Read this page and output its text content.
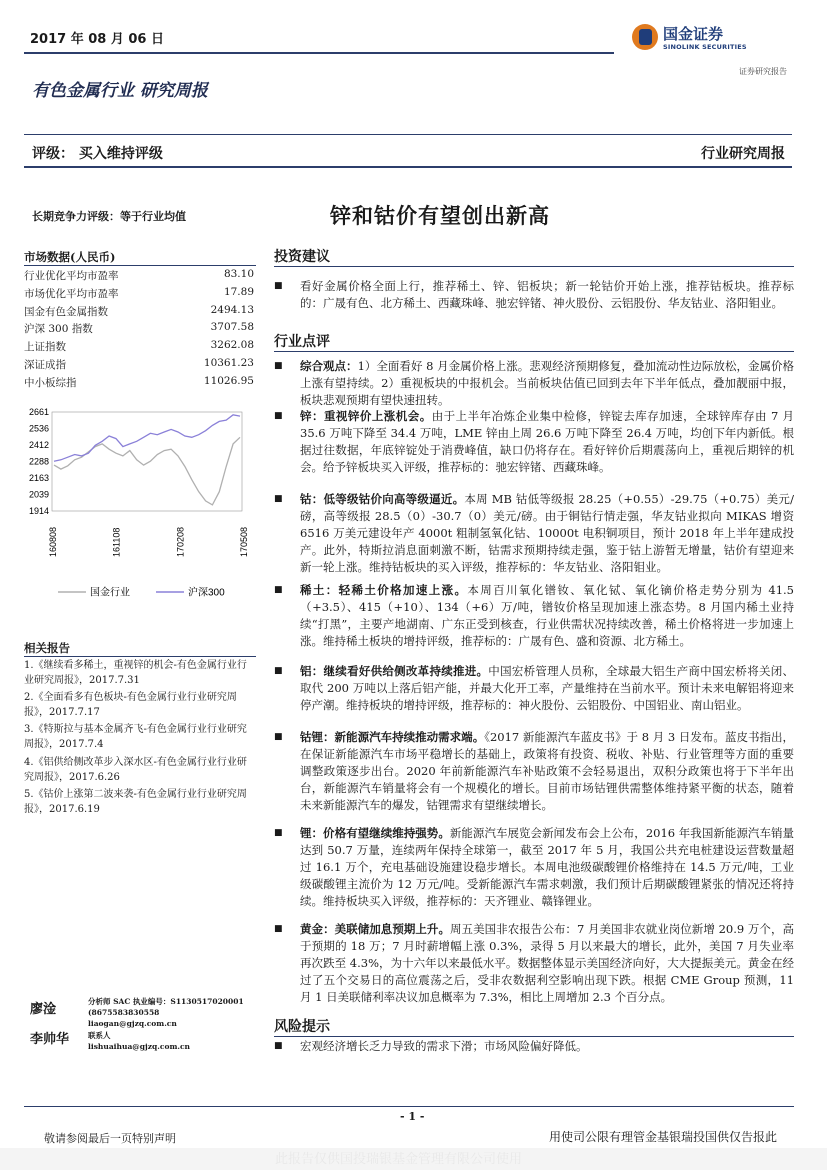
2017 年 08 月 06 日	国金证券
SINOLINK SECURITIES
证券研究报告
有色金属行业 研究周报
评级： 买入维持评级	行业研究周报
长期竞争力评级：等于行业均值
市场数据(人民币)
行业优化平均市盈率	83.10
市场优化平均市盈率	17.89
国金有色金属指数	2494.13
沪深 300 指数	3707.58
上证指数	3262.08
深证成指	10361.23
中小板综指	11026.95
2661
2536
2412
2288
2163
2039
1914
160808	161108	170208	170508
国金行业	沪深300
相关报告
1.《继续看多稀土，重视锌的机会-有色金属行业行业研究周报》，2017.7.31
2.《全面看多有色板块-有色金属行业行业研究周报》，2017.7.17
3.《特斯拉与基本金属齐飞-有色金属行业行业研究周报》，2017.7.4
4.《铝供给侧改革步入深水区-有色金属行业行业研究周报》，2017.6.26
5.《钴价上涨第二波来袭-有色金属行业行业研究周报》，2017.6.19
廖淦
分析师 SAC 执业编号：S1130517020001
(8675583830558
liaogan@gjzq.com.cn
李帅华	联系人
lishuaihua@gjzq.com.cn
锌和钴价有望创出新高
投资建议
■ 看好金属价格全面上行，推荐稀土、锌、铝板块；新一轮钴价开始上涨，推荐钴板块。推荐标的：广晟有色、北方稀土、西藏珠峰、驰宏锌锗、神火股份、云铝股份、华友钴业、洛阳钼业。
行业点评
■ 综合观点：1）全面看好 8 月金属价格上涨。悲观经济预期修复，叠加流动性边际放松，金属价格上涨有望持续。2）重视板块的中报机会。当前板块估值已回到去年下半年低点，叠加靓丽中报，板块悲观预期有望快速扭转。
■ 锌：重视锌价上涨机会。由于上半年冶炼企业集中检修，锌锭去库存加速，全球锌库存由 7 月 35.6 万吨下降至 34.4 万吨，LME 锌由上周 26.6 万吨下降至 26.4 万吨，均创下年内新低。根据过往数据，年底锌锭处于消费峰值，缺口仍将存在。看好锌价后期震荡向上，重视后期锌的机会。给予锌板块买入评级，推荐标的：驰宏锌锗、西藏珠峰。
■ 钴：低等级钴价向高等级逼近。本周 MB 钴低等级报 28.25（+0.55）-29.75（+0.75）美元/磅，高等级报 28.5（0）-30.7（0）美元/磅。由于铜钴行情走强，华友钴业拟向 MIKAS 增资 6516 万美元建设年产 4000t 粗制氢氧化钴、10000t 电积铜项目，预计 2018 年上半年建成投产。此外，特斯拉消息面刺激不断，钴需求预期持续走强，鉴于钴上游暂无增量，钴价有望迎来新一轮上涨。维持钴板块的买入评级，推荐标的：华友钴业、洛阳钼业。
■ 稀土：轻稀土价格加速上涨。本周百川氧化镨钕、氧化铽、氧化镝价格走势分别为 41.5（+3.5）、415（+10）、134（+6）万/吨，镨钕价格呈现加速上涨态势。8 月国内稀土业持续“打黑”，主要产地湖南、广东正受到核查，行业供需状况持续改善，稀土价格将进一步加速上涨。维持稀土板块的增持评级，推荐标的：广晟有色、盛和资源、北方稀土。
■ 铝：继续看好供给侧改革持续推进。中国宏桥管理人员称，全球最大铝生产商中国宏桥将关闭、取代 200 万吨以上落后铝产能，并最大化开工率，产量维持在当前水平。预计未来电解铝将迎来停产潮。维持板块的增持评级，推荐标的：神火股份、云铝股份、中国铝业、南山铝业。
■ 钴锂：新能源汽车持续推动需求端。《2017 新能源汽车蓝皮书》于 8 月 3 日发布。蓝皮书指出，在保证新能源汽车市场平稳增长的基础上，政策将有投资、税收、补贴、行业管理等方面的重要调整政策逐步出台。2020 年前新能源汽车补贴政策不会轻易退出，双积分政策也将于下半年出台，新能源汽车销量将会有一个规模化的增长。目前市场钴锂供需整体维持紧平衡的状态，随着未来新能源汽车的爆发，钴锂需求有望继续增长。
■ 锂：价格有望继续维持强势。新能源汽车展览会新闻发布会上公布，2016 年我国新能源汽车销量达到 50.7 万量，连续两年保持全球第一，截至 2017 年 5 月，我国公共充电桩建设运营数量超过 16.1 万个，充电基础设施建设稳步增长。本周电池级碳酸锂价格维持在 14.5 万元/吨，工业级碳酸锂主流价为 12 万元/吨。受新能源汽车需求刺激，我们预计后期碳酸锂紧张的情况还将持续。维持板块买入评级，推荐标的：天齐锂业、赣锋锂业。
■ 黄金：美联储加息预期上升。周五美国非农报告公布：7 月美国非农就业岗位新增 20.9 万个，高于预期的 18 万；7 月时薪增幅上涨 0.3%，录得 5 月以来最大的增长，此外，美国 7 月失业率再次跌至 4.3%，为十六年以来最低水平。数据整体显示美国经济向好，大大提振美元。黄金在经过了五个交易日的高位震荡之后，受非农数据利空影响出现下跌。根据 CME Group 预测，11 月 1 日美联储利率决议加息概率为 7.3%，相比上周增加 2.3 个百分点。
风险提示
■ 宏观经济增长乏力导致的需求下滑；市场风险偏好降低。
- 1 -
敬请参阅最后一页特别声明	用使司公限有理管金基银瑞投国供仅告报此
此报告仅供国投瑞银基金管理有限公司使用
